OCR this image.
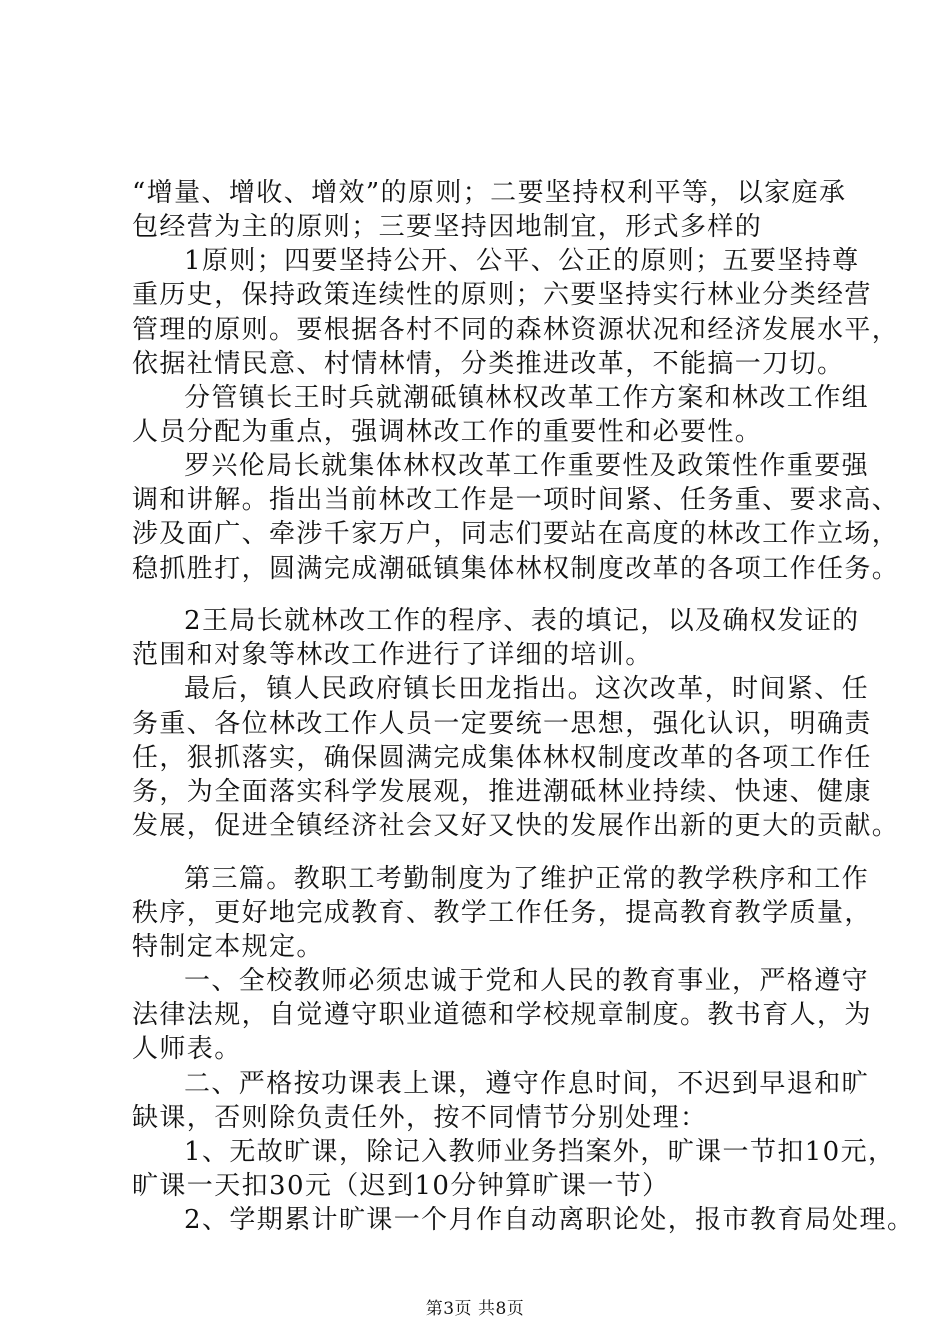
“增量、增收、增效”的原则；二要坚持权利平等，以家庭承
包经营为主的原则；三要坚持因地制宜，形式多样的
1原则；四要坚持公开、公平、公正的原则；五要坚持尊
重历史，保持政策连续性的原则；六要坚持实行林业分类经营
管理的原则。要根据各村不同的森林资源状况和经济发展水平，
依据社情民意、村情林情，分类推进改革，不能搞一刀切。
分管镇长王时兵就潮砥镇林权改革工作方案和林改工作组
人员分配为重点，强调林改工作的重要性和必要性。
罗兴伦局长就集体林权改革工作重要性及政策性作重要强
调和讲解。指出当前林改工作是一项时间紧、任务重、要求高、
涉及面广、牵涉千家万户，同志们要站在高度的林改工作立场，
稳抓胜打，圆满完成潮砥镇集体林权制度改革的各项工作任务。
2王局长就林改工作的程序、表的填记，以及确权发证的
范围和对象等林改工作进行了详细的培训。
最后，镇人民政府镇长田龙指出。这次改革，时间紧、任
务重、各位林改工作人员一定要统一思想，强化认识，明确责
任，狠抓落实，确保圆满完成集体林权制度改革的各项工作任
务，为全面落实科学发展观，推进潮砥林业持续、快速、健康
发展，促进全镇经济社会又好又快的发展作出新的更大的贡献。
第三篇。教职工考勤制度为了维护正常的教学秩序和工作
秩序，更好地完成教育、教学工作任务，提高教育教学质量，
特制定本规定。
一、全校教师必须忠诚于党和人民的教育事业，严格遵守
法律法规，自觉遵守职业道德和学校规章制度。教书育人，为
人师表。
二、严格按功课表上课，遵守作息时间，不迟到早退和旷
缺课，否则除负责任外，按不同情节分别处理：
1、无故旷课，除记入教师业务挡案外，旷课一节扣10元，
旷课一天扣30元（迟到10分钟算旷课一节）
2、学期累计旷课一个月作自动离职论处，报市教育局处理。
第3页 共8页
